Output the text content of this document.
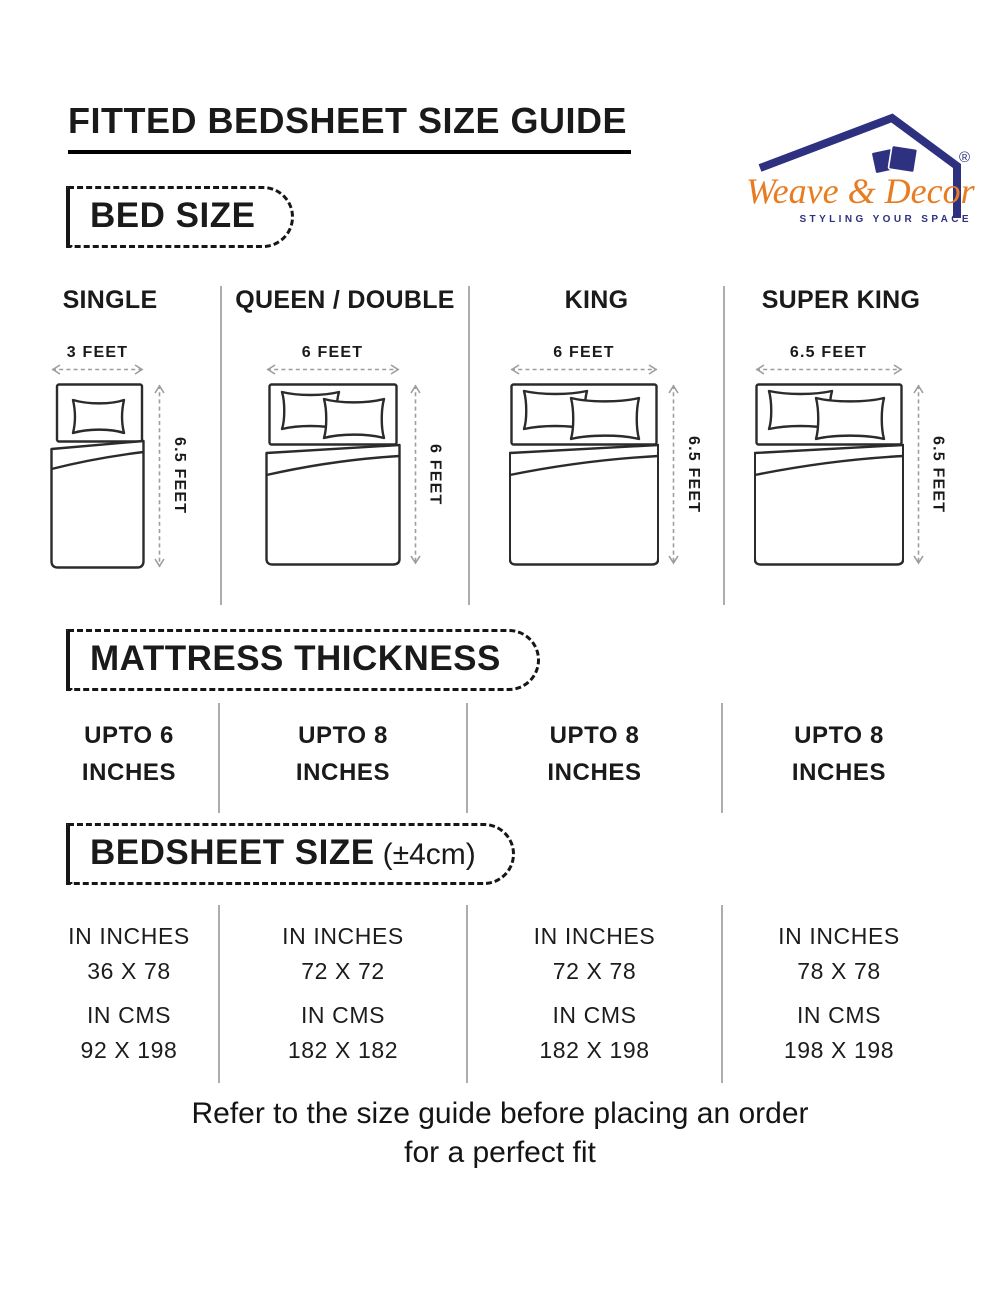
®
Weave & Decor
STYLING YOUR SPACE
FITTED BEDSHEET SIZE GUIDE
BED SIZE
SINGLE
3 FEET
6.5 FEET
QUEEN / DOUBLE
6 FEET
6 FEET
KING
6 FEET
6.5 FEET
SUPER KING
6.5 FEET
6.5 FEET
MATTRESS THICKNESS
UPTO 6
INCHES
UPTO 8
INCHES
UPTO 8
INCHES
UPTO 8
INCHES
BEDSHEET SIZE (±4cm)
IN INCHES
36 X 78
IN CMS
92 X 198
IN INCHES
72 X 72
IN CMS
182 X 182
IN INCHES
72 X 78
IN CMS
182 X 198
IN INCHES
78 X 78
IN CMS
198 X 198
Refer to the size guide before placing an order
for a perfect fit
